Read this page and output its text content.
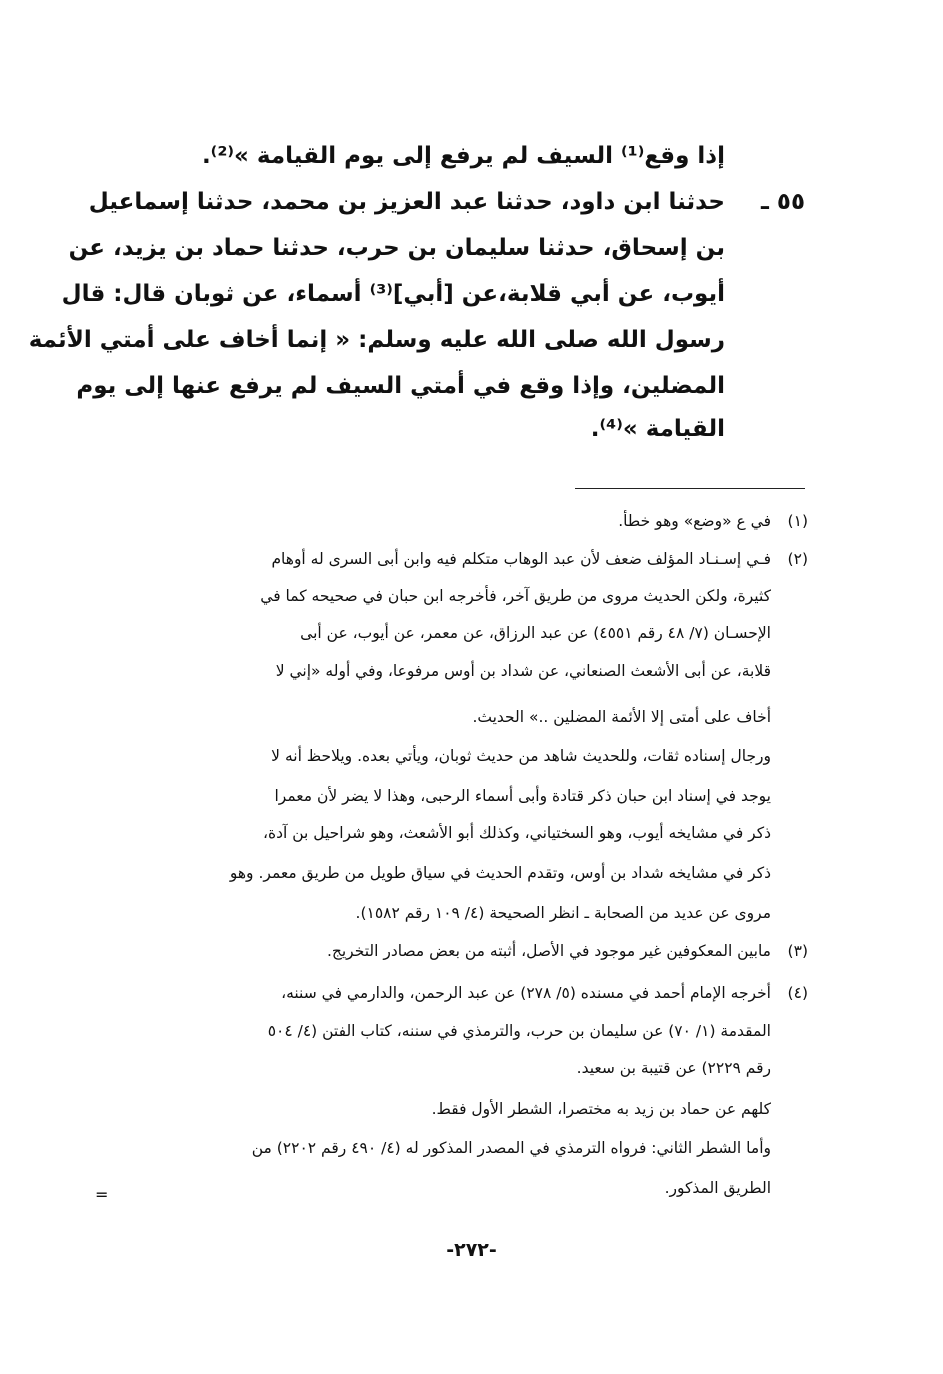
إذا وقع⁽¹⁾ السيف لم يرفع إلى يوم القيامة »⁽²⁾.
٥٥ ـ
حدثنا ابن داود، حدثنا عبد العزيز بن محمد، حدثنا إسماعيل
بن إسحاق، حدثنا سليمان بن حرب، حدثنا حماد بن يزيد، عن
أيوب، عن أبي قلابة،عن [أبي]⁽³⁾ أسماء، عن ثوبان قال: قال
رسول الله صلى الله عليه وسلم: « إنما أخاف على أمتي الأئمة
المضلين، وإذا وقع في أمتي السيف لم يرفع عنها إلى يوم
القيامة »⁽⁴⁾.
(١)
في ع «وضع» وهو خطأ.
(٢)
فـي إسـنـاد المؤلف ضعف لأن عبد الوهاب متكلم فيه وابن أبى السرى له أوهام
كثيرة، ولكن الحديث مروى من طريق آخر، فأخرجه ابن حبان في صحيحه كما في
الإحسـان (٧/ ٤٨ رقم ٤٥٥١) عن عبد الرزاق، عن معمر، عن أيوب، عن أبى
قلابة، عن أبى الأشعث الصنعاني، عن شداد بن أوس مرفوعا، وفي أوله «إني لا
أخاف على أمتى إلا الأئمة المضلين ..» الحديث.
ورجال إسناده ثقات، وللحديث شاهد من حديث ثوبان، ويأتي بعده. ويلاحظ أنه لا
يوجد في إسناد ابن حبان ذكر قتادة وأبى أسماء الرحبى، وهذا لا يضر لأن معمرا
ذكر في مشايخه أيوب، وهو السختياني، وكذلك أبو الأشعث، وهو شراحيل بن آدة،
ذكر في مشايخه شداد بن أوس، وتقدم الحديث في سياق طويل من طريق معمر. وهو
مروى عن عديد من الصحابة ـ انظر الصحيحة (٤/ ١٠٩ رقم ١٥٨٢).
(٣)
مابين المعكوفين غير موجود في الأصل، أثبته من بعض مصادر التخريج.
(٤)
أخرجه الإمام أحمد في مسنده (٥/ ٢٧٨) عن عبد الرحمن، والدارمي في سننه،
المقدمة (١/ ٧٠) عن سليمان بن حرب، والترمذي في سننه، كتاب الفتن (٤/ ٥٠٤
رقم ٢٢٢٩) عن قتيبة بن سعيد.
كلهم عن حماد بن زيد به مختصرا، الشطر الأول فقط.
وأما الشطر الثاني: فرواه الترمذي في المصدر المذكور له (٤/ ٤٩٠ رقم ٢٢٠٢) من
الطريق المذكور.
=
-٢٧٢-
